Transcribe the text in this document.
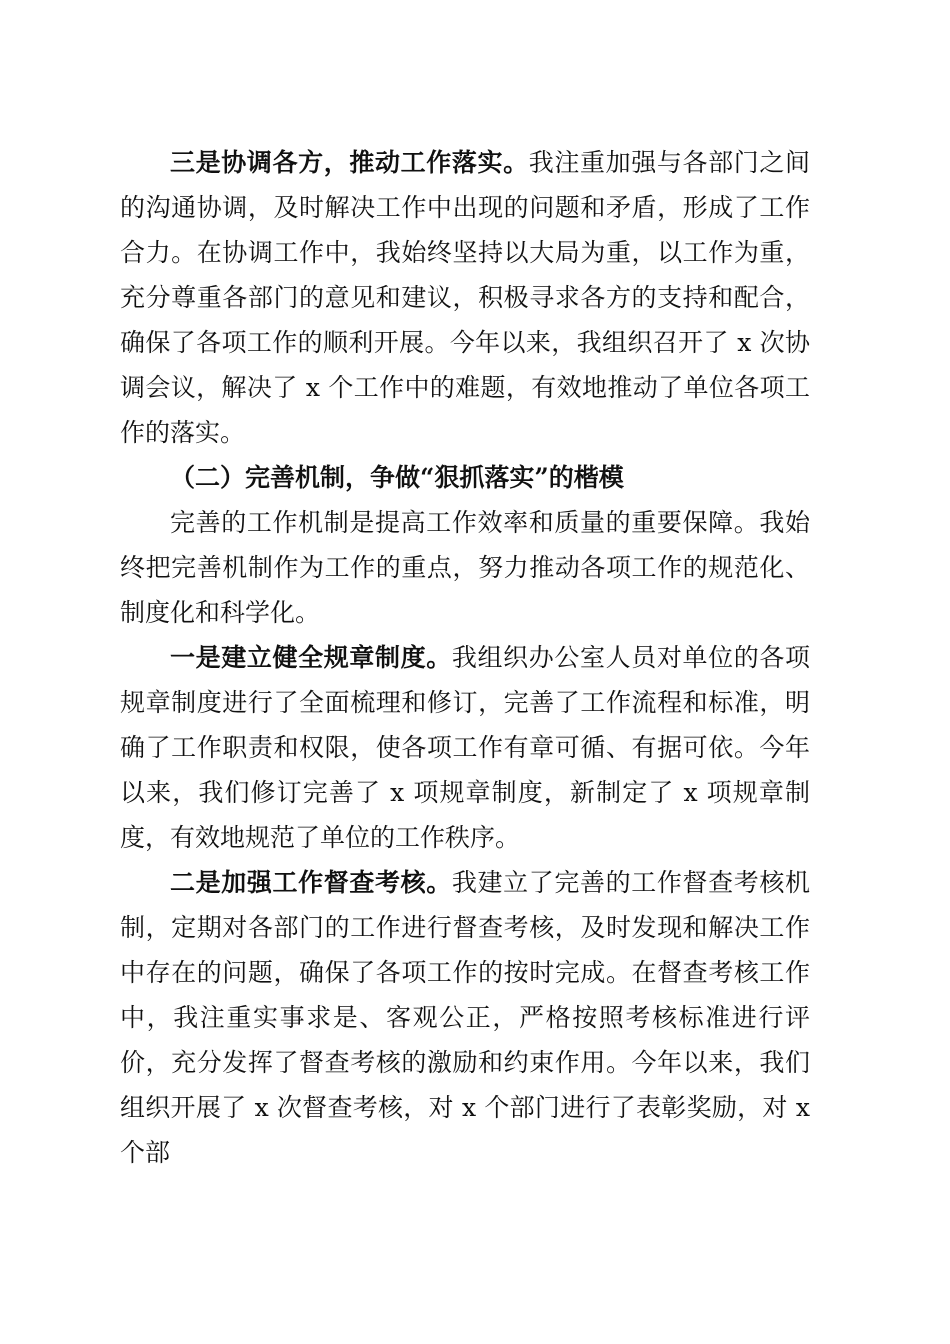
三是协调各方，推动工作落实。我注重加强与各部门之间的沟通协调，及时解决工作中出现的问题和矛盾，形成了工作合力。在协调工作中，我始终坚持以大局为重，以工作为重，充分尊重各部门的意见和建议，积极寻求各方的支持和配合，确保了各项工作的顺利开展。今年以来，我组织召开了 x 次协调会议，解决了 x 个工作中的难题，有效地推动了单位各项工作的落实。

（二）完善机制，争做“狠抓落实”的楷模

完善的工作机制是提高工作效率和质量的重要保障。我始终把完善机制作为工作的重点，努力推动各项工作的规范化、制度化和科学化。

一是建立健全规章制度。我组织办公室人员对单位的各项规章制度进行了全面梳理和修订，完善了工作流程和标准，明确了工作职责和权限，使各项工作有章可循、有据可依。今年以来，我们修订完善了 x 项规章制度，新制定了 x 项规章制度，有效地规范了单位的工作秩序。

二是加强工作督查考核。我建立了完善的工作督查考核机制，定期对各部门的工作进行督查考核，及时发现和解决工作中存在的问题，确保了各项工作的按时完成。在督查考核工作中，我注重实事求是、客观公正，严格按照考核标准进行评价，充分发挥了督查考核的激励和约束作用。今年以来，我们组织开展了 x 次督查考核，对 x 个部门进行了表彰奖励，对 x 个部
